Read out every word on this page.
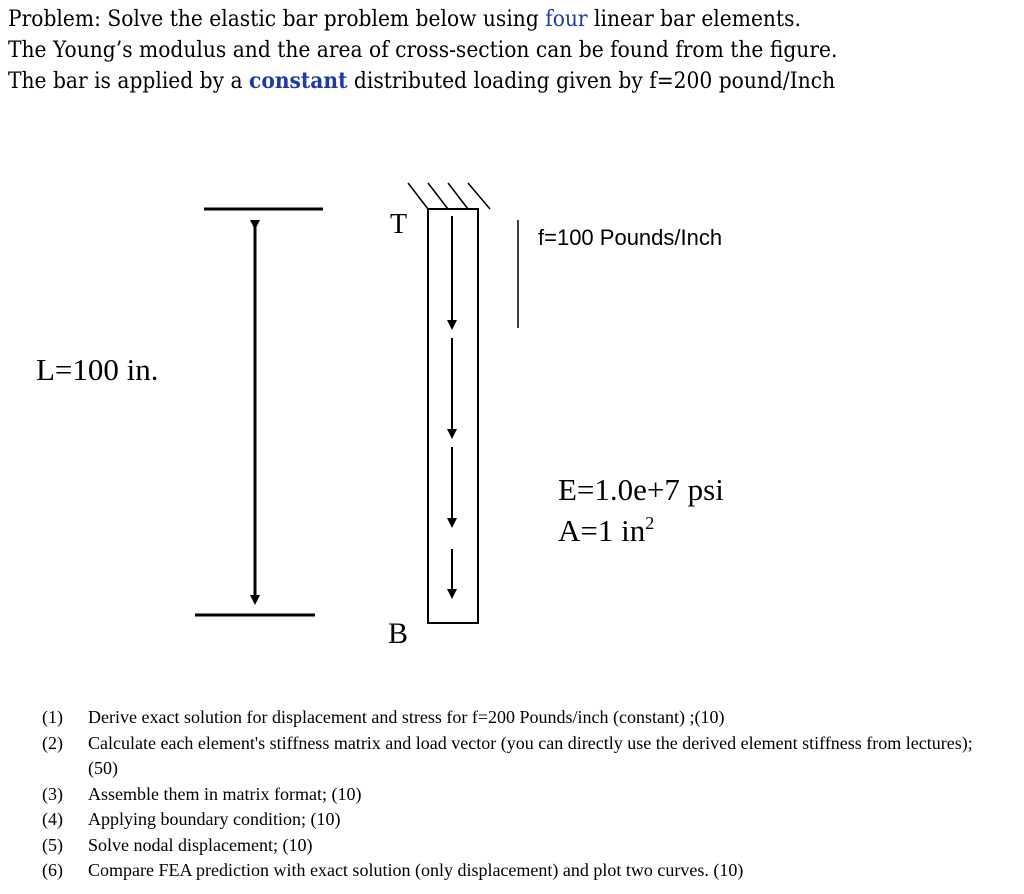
Problem: Solve the elastic bar problem below using four linear bar elements.
The Young’s modulus and the area of cross-section can be found from the figure.
The bar is applied by a constant distributed loading given by f=200 pound/Inch
L=100 in.
T
B
f=100 Pounds/Inch
E=1.0e+7 psi
A=1 $in^2$
(1)	Derive exact solution for displacement and stress for f=200 Pounds/inch (constant) ;(10)
(2)	Calculate each element's stiffness matrix and load vector (you can directly use the derived element stiffness from lectures); (50)
(3)	Assemble them in matrix format; (10)
(4)	Applying boundary condition; (10)
(5)	Solve nodal displacement; (10)
(6)	Compare FEA prediction with exact solution (only displacement) and plot two curves. (10)
